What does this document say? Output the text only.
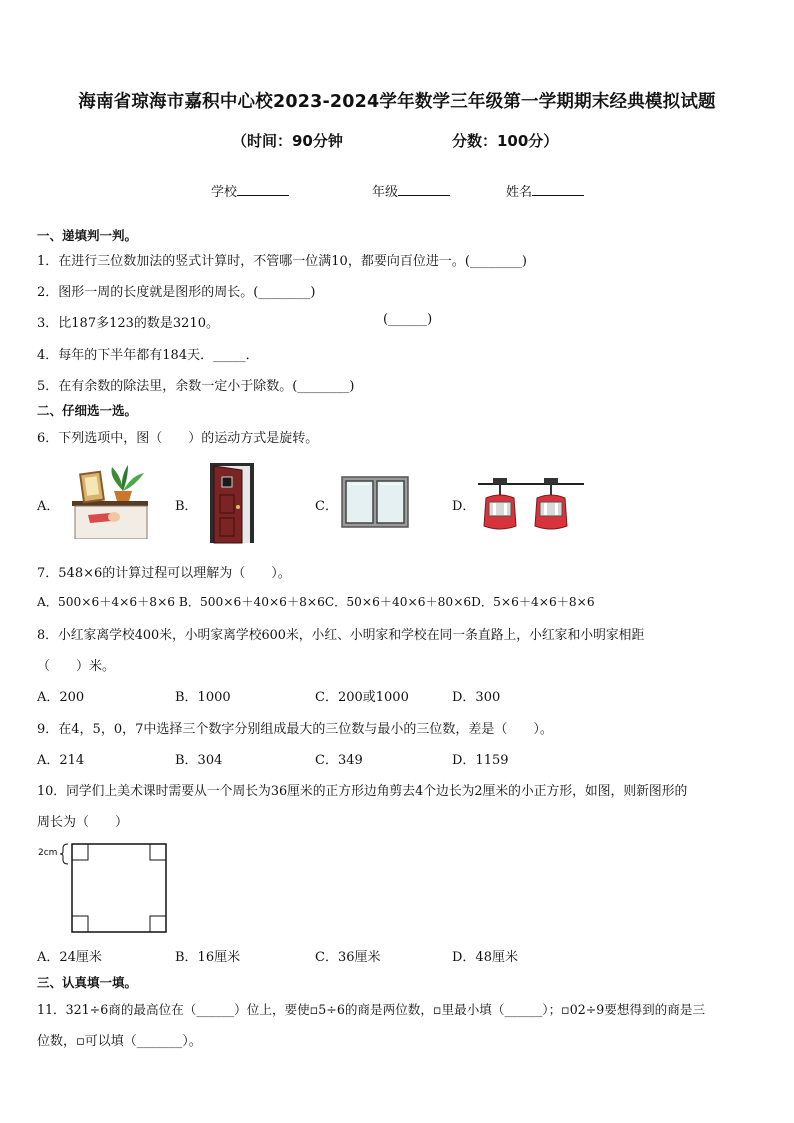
海南省琼海市嘉积中心校2023-2024学年数学三年级第一学期期末经典模拟试题
（时间：90分钟	分数：100分）
学校	年级	姓名
一、递填判一判。
1．在进行三位数加法的竖式计算时，不管哪一位满10，都要向百位进一。(________)
2．图形一周的长度就是图形的周长。(________)
3．比187多123的数是3210。	(______)
4．每年的下半年都有184天．_____．
5．在有余数的除法里，余数一定小于除数。(________)
二、仔细选一选。
6．下列选项中，图（　　）的运动方式是旋转。
A．	B．	C．	D．
7．548×6的计算过程可以理解为（　　）。
A．500×6＋4×6＋8×6 B．500×6＋40×6＋8×6C．50×6＋40×6＋80×6D．5×6＋4×6＋8×6
8．小红家离学校400米，小明家离学校600米，小红、小明家和学校在同一条直路上，小红家和小明家相距
（　　）米。
A．200	B．1000	C．200或1000	D．300
9．在4，5，0，7中选择三个数字分别组成最大的三位数与最小的三位数，差是（　　）。
A．214	B．304	C．349	D．1159
10．同学们上美术课时需要从一个周长为36厘米的正方形边角剪去4个边长为2厘米的小正方形，如图，则新图形的
周长为（　　）
2cm
A．24厘米	B．16厘米	C．36厘米	D．48厘米
三、认真填一填。
11．321÷6商的最高位在（______）位上，要使▫5÷6的商是两位数，▫里最小填（______）；▫02÷9要想得到的商是三
位数，▫可以填（_______）。
